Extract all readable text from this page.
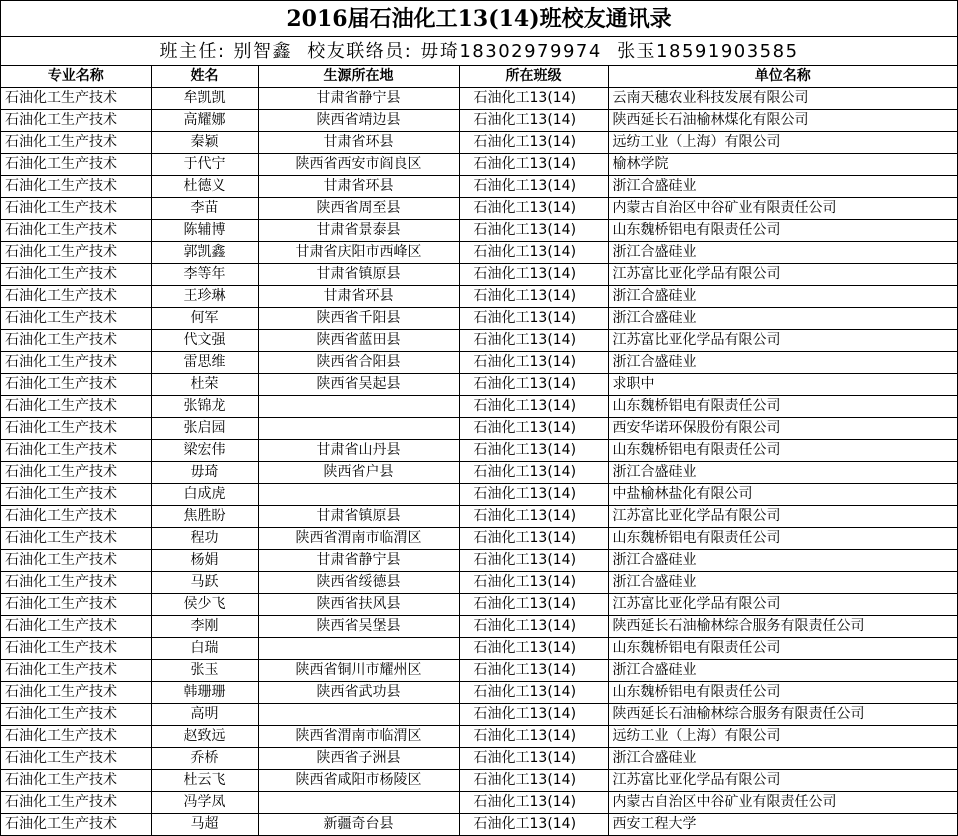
2016届石油化工13(14)班校友通讯录
班主任: 别智鑫 校友联络员: 毋琦18302979974 张玉18591903585
专业名称	姓名	生源所在地	所在班级	单位名称
石油化工生产技术	牟凯凯	甘肃省静宁县	石油化工13(14)	云南天穗农业科技发展有限公司
石油化工生产技术	高耀娜	陕西省靖边县	石油化工13(14)	陕西延长石油榆林煤化有限公司
石油化工生产技术	秦颖	甘肃省环县	石油化工13(14)	远纺工业（上海）有限公司
石油化工生产技术	于代宁	陕西省西安市阎良区	石油化工13(14)	榆林学院
石油化工生产技术	杜德义	甘肃省环县	石油化工13(14)	浙江合盛硅业
石油化工生产技术	李苗	陕西省周至县	石油化工13(14)	内蒙古自治区中谷矿业有限责任公司
石油化工生产技术	陈辅博	甘肃省景泰县	石油化工13(14)	山东魏桥铝电有限责任公司
石油化工生产技术	郭凯鑫	甘肃省庆阳市西峰区	石油化工13(14)	浙江合盛硅业
石油化工生产技术	李等年	甘肃省镇原县	石油化工13(14)	江苏富比亚化学品有限公司
石油化工生产技术	王珍琳	甘肃省环县	石油化工13(14)	浙江合盛硅业
石油化工生产技术	何军	陕西省千阳县	石油化工13(14)	浙江合盛硅业
石油化工生产技术	代文强	陕西省蓝田县	石油化工13(14)	江苏富比亚化学品有限公司
石油化工生产技术	雷思维	陕西省合阳县	石油化工13(14)	浙江合盛硅业
石油化工生产技术	杜荣	陕西省吴起县	石油化工13(14)	求职中
石油化工生产技术	张锦龙		石油化工13(14)	山东魏桥铝电有限责任公司
石油化工生产技术	张启园		石油化工13(14)	西安华诺环保股份有限公司
石油化工生产技术	梁宏伟	甘肃省山丹县	石油化工13(14)	山东魏桥铝电有限责任公司
石油化工生产技术	毋琦	陕西省户县	石油化工13(14)	浙江合盛硅业
石油化工生产技术	白成虎		石油化工13(14)	中盐榆林盐化有限公司
石油化工生产技术	焦胜盼	甘肃省镇原县	石油化工13(14)	江苏富比亚化学品有限公司
石油化工生产技术	程功	陕西省渭南市临渭区	石油化工13(14)	山东魏桥铝电有限责任公司
石油化工生产技术	杨娟	甘肃省静宁县	石油化工13(14)	浙江合盛硅业
石油化工生产技术	马跃	陕西省绥德县	石油化工13(14)	浙江合盛硅业
石油化工生产技术	侯少飞	陕西省扶风县	石油化工13(14)	江苏富比亚化学品有限公司
石油化工生产技术	李刚	陕西省吴堡县	石油化工13(14)	陕西延长石油榆林综合服务有限责任公司
石油化工生产技术	白瑞		石油化工13(14)	山东魏桥铝电有限责任公司
石油化工生产技术	张玉	陕西省铜川市耀州区	石油化工13(14)	浙江合盛硅业
石油化工生产技术	韩珊珊	陕西省武功县	石油化工13(14)	山东魏桥铝电有限责任公司
石油化工生产技术	高明		石油化工13(14)	陕西延长石油榆林综合服务有限责任公司
石油化工生产技术	赵致远	陕西省渭南市临渭区	石油化工13(14)	远纺工业（上海）有限公司
石油化工生产技术	乔桥	陕西省子洲县	石油化工13(14)	浙江合盛硅业
石油化工生产技术	杜云飞	陕西省咸阳市杨陵区	石油化工13(14)	江苏富比亚化学品有限公司
石油化工生产技术	冯学凤		石油化工13(14)	内蒙古自治区中谷矿业有限责任公司
石油化工生产技术	马超	新疆奇台县	石油化工13(14)	西安工程大学
